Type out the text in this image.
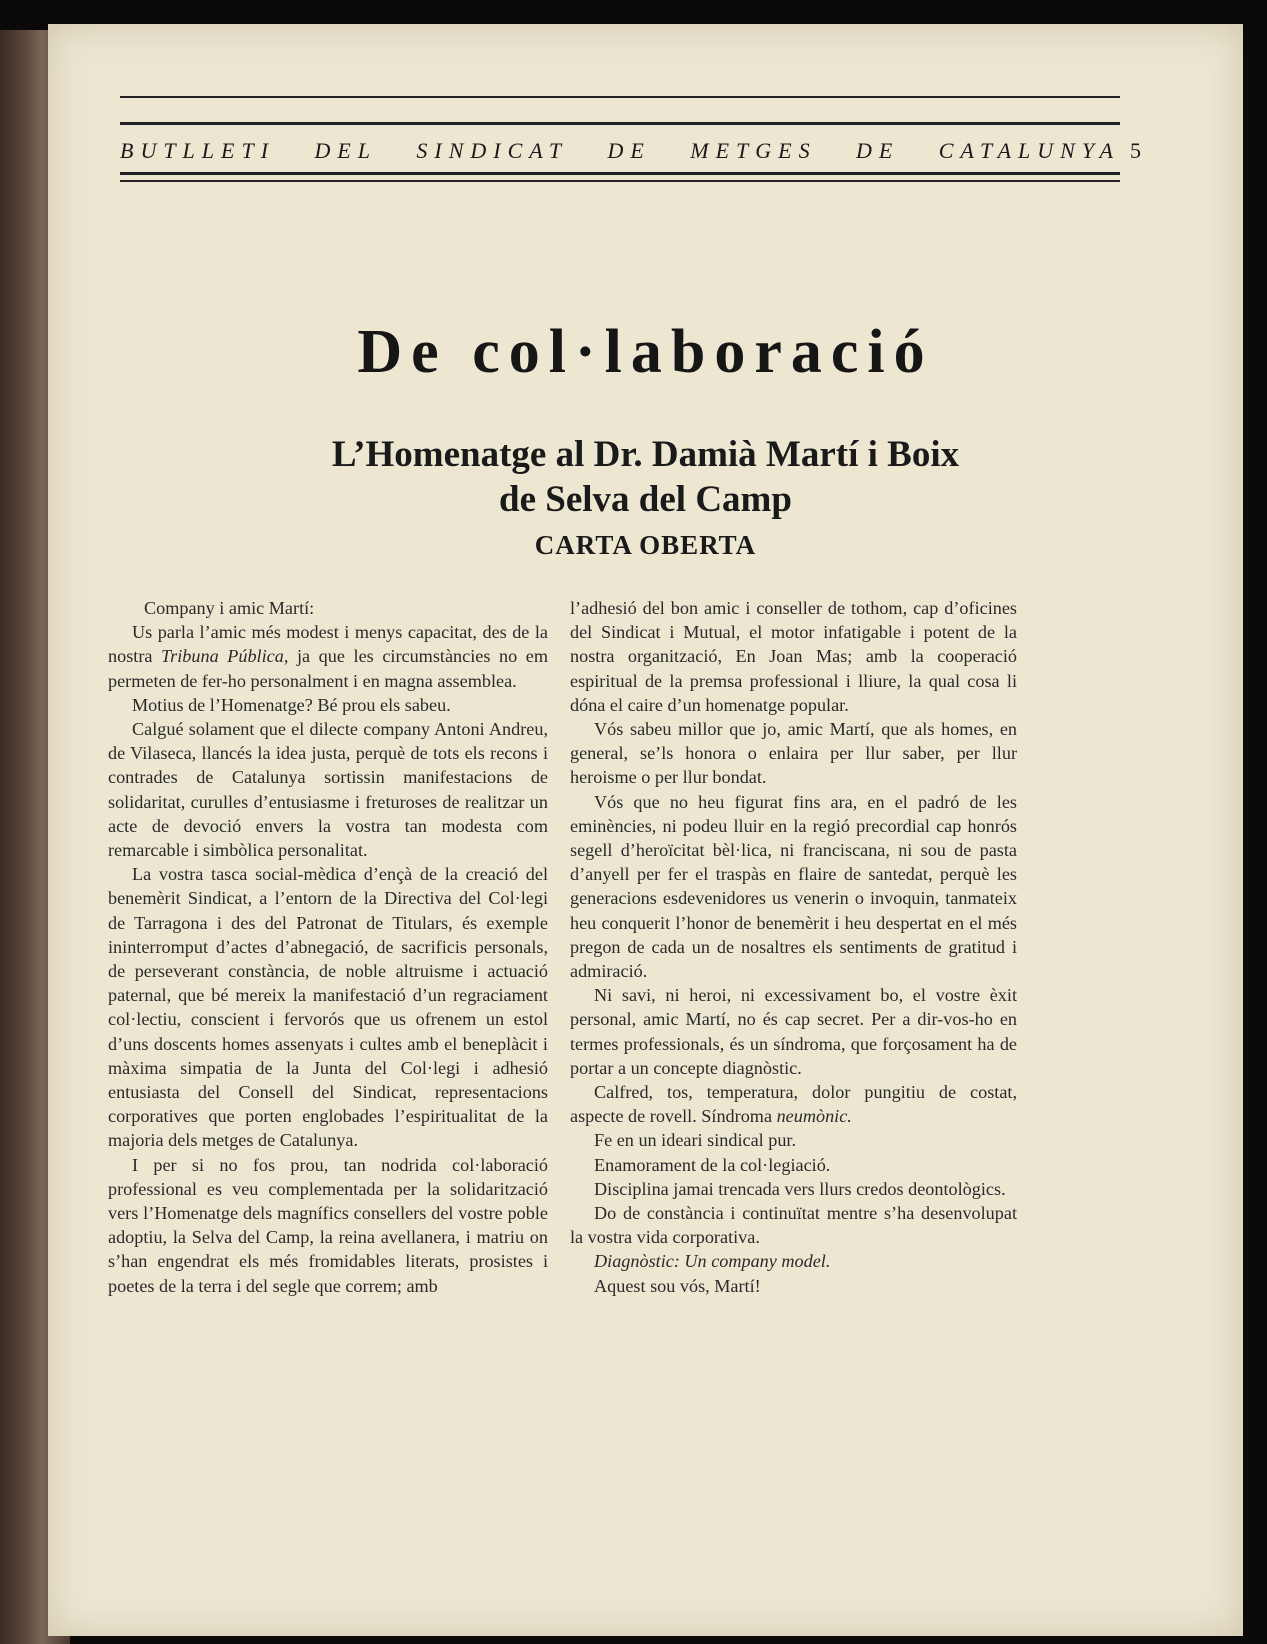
BUTLLETI DEL SINDICAT DE METGES DE CATALUNYA 5
De col·laboració
L’Homenatge al Dr. Damià Martí i Boix
de Selva del Camp
CARTA OBERTA

Company i amic Martí:

Us parla l’amic més modest i menys capacitat, des de la nostra Tribuna Pública, ja que les circumstàncies no em permeten de fer-ho personalment i en magna assemblea.

Motius de l’Homenatge? Bé prou els sabeu.

Calgué solament que el dilecte company Antoni Andreu, de Vilaseca, llancés la idea justa, perquè de tots els recons i contrades de Catalunya sortissin manifestacions de solidaritat, curulles d’entusiasme i freturoses de realitzar un acte de devoció envers la vostra tan modesta com remarcable i simbòlica personalitat.

La vostra tasca social-mèdica d’ençà de la creació del benemèrit Sindicat, a l’entorn de la Directiva del Col·legi de Tarragona i des del Patronat de Titulars, és exemple ininterromput d’actes d’abnegació, de sacrificis personals, de perseverant constància, de noble altruisme i actuació paternal, que bé mereix la manifestació d’un regraciament col·lectiu, conscient i fervorós que us ofrenem un estol d’uns doscents homes assenyats i cultes amb el beneplàcit i màxima simpatia de la Junta del Col·legi i adhesió entusiasta del Consell del Sindicat, representacions corporatives que porten englobades l’espiritualitat de la majoria dels metges de Catalunya.

I per si no fos prou, tan nodrida col·laboració professional es veu complementada per la solidarització vers l’Homenatge dels magnífics consellers del vostre poble adoptiu, la Selva del Camp, la reina avellanera, i matriu on s’han engendrat els més fromidables literats, prosistes i poetes de la terra i del segle que correm; amb

l’adhesió del bon amic i conseller de tothom, cap d’oficines del Sindicat i Mutual, el motor infatigable i potent de la nostra organització, En Joan Mas; amb la cooperació espiritual de la premsa professional i lliure, la qual cosa li dóna el caire d’un homenatge popular.

Vós sabeu millor que jo, amic Martí, que als homes, en general, se’ls honora o enlaira per llur saber, per llur heroisme o per llur bondat.

Vós que no heu figurat fins ara, en el padró de les eminències, ni podeu lluir en la regió precordial cap honrós segell d’heroïcitat bèl·lica, ni franciscana, ni sou de pasta d’anyell per fer el traspàs en flaire de santedat, perquè les generacions esdevenidores us venerin o invoquin, tanmateix heu conquerit l’honor de benemèrit i heu despertat en el més pregon de cada un de nosaltres els sentiments de gratitud i admiració.

Ni savi, ni heroi, ni excessivament bo, el vostre èxit personal, amic Martí, no és cap secret. Per a dir-vos-ho en termes professionals, és un síndroma, que forçosament ha de portar a un concepte diagnòstic.

Calfred, tos, temperatura, dolor pungitiu de costat, aspecte de rovell. Síndroma neumònic.

Fe en un ideari sindical pur.

Enamorament de la col·legiació.

Disciplina jamai trencada vers llurs credos deontològics.

Do de constància i continuïtat mentre s’ha desenvolupat la vostra vida corporativa.

Diagnòstic: Un company model.

Aquest sou vós, Martí!
